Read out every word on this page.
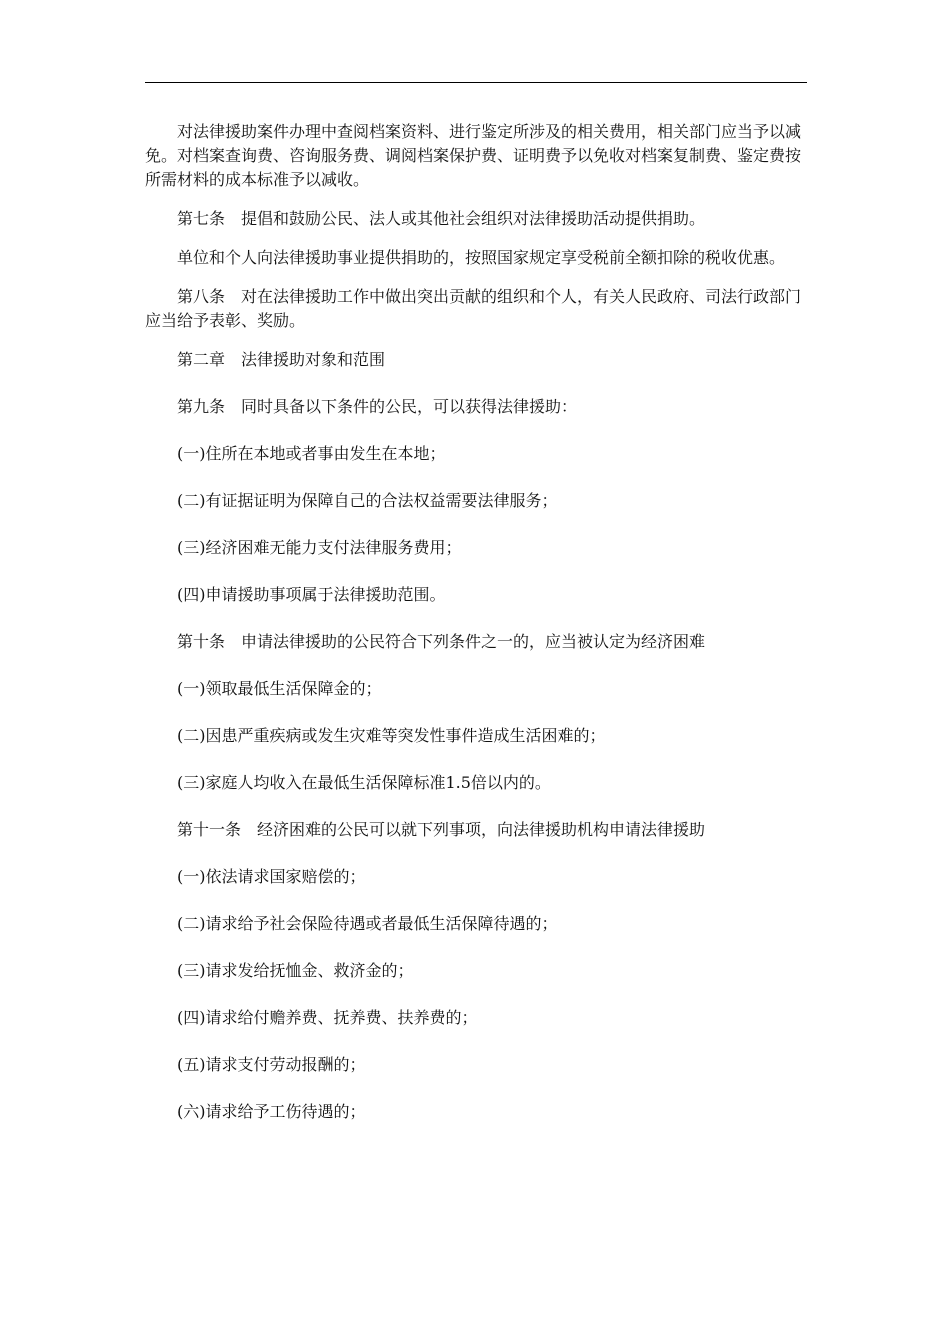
对法律援助案件办理中查阅档案资料、进行鉴定所涉及的相关费用，相关部门应当予以减免。对档案查询费、咨询服务费、调阅档案保护费、证明费予以免收对档案复制费、鉴定费按所需材料的成本标准予以减收。

第七条　提倡和鼓励公民、法人或其他社会组织对法律援助活动提供捐助。

单位和个人向法律援助事业提供捐助的，按照国家规定享受税前全额扣除的税收优惠。

第八条　对在法律援助工作中做出突出贡献的组织和个人，有关人民政府、司法行政部门应当给予表彰、奖励。

第二章　法律援助对象和范围

第九条　同时具备以下条件的公民，可以获得法律援助：

(一)住所在本地或者事由发生在本地；

(二)有证据证明为保障自己的合法权益需要法律服务；

(三)经济困难无能力支付法律服务费用；

(四)申请援助事项属于法律援助范围。

第十条　申请法律援助的公民符合下列条件之一的，应当被认定为经济困难

(一)领取最低生活保障金的；

(二)因患严重疾病或发生灾难等突发性事件造成生活困难的；

(三)家庭人均收入在最低生活保障标准1.5倍以内的。

第十一条　经济困难的公民可以就下列事项，向法律援助机构申请法律援助

(一)依法请求国家赔偿的；

(二)请求给予社会保险待遇或者最低生活保障待遇的；

(三)请求发给抚恤金、救济金的；

(四)请求给付赡养费、抚养费、扶养费的；

(五)请求支付劳动报酬的；

(六)请求给予工伤待遇的；
